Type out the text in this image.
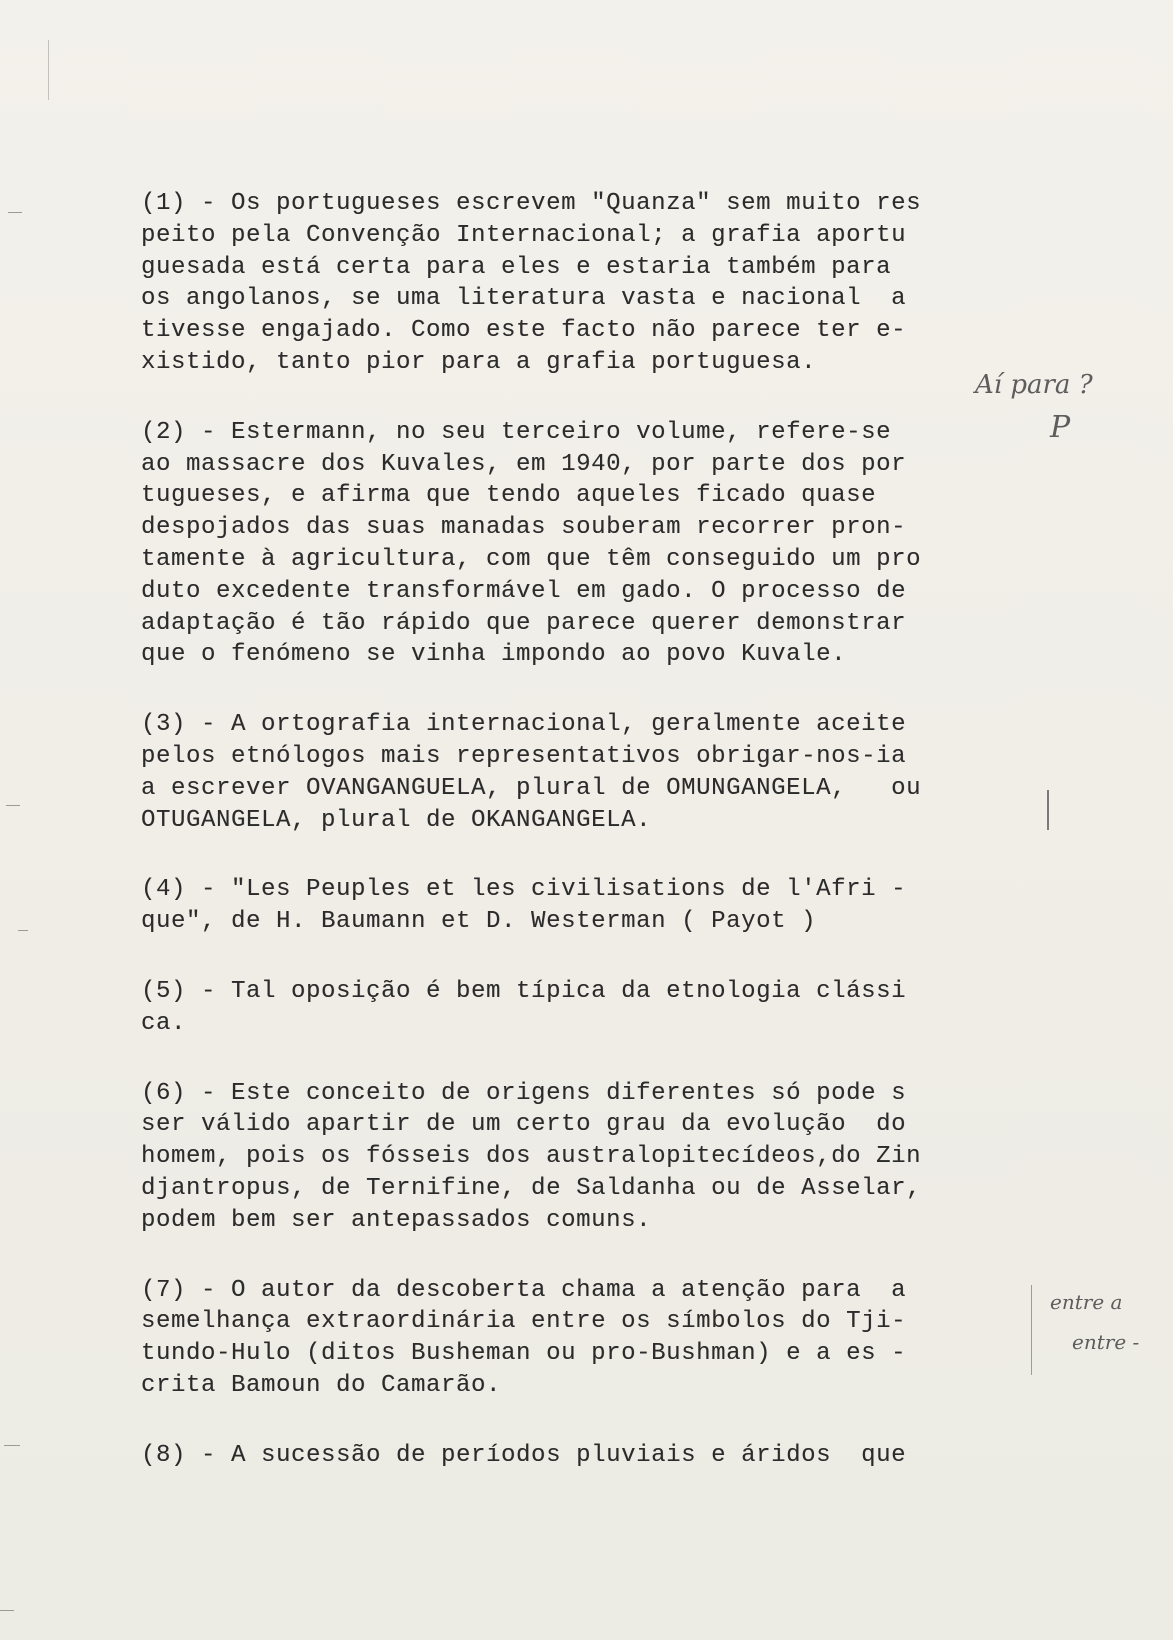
(1) - Os portugueses escrevem "Quanza" sem muito res
peito pela Convenção Internacional; a grafia aportu
guesada está certa para eles e estaria também para
os angolanos, se uma literatura vasta e nacional  a
tivesse engajado. Como este facto não parece ter e-
xistido, tanto pior para a grafia portuguesa.
(2) - Estermann, no seu terceiro volume, refere-se
ao massacre dos Kuvales, em 1940, por parte dos por
tugueses, e afirma que tendo aqueles ficado quase
despojados das suas manadas souberam recorrer pron-
tamente à agricultura, com que têm conseguido um pro
duto excedente transformável em gado. O processo de
adaptação é tão rápido que parece querer demonstrar
que o fenómeno se vinha impondo ao povo Kuvale.
(3) - A ortografia internacional, geralmente aceite
pelos etnólogos mais representativos obrigar-nos-ia
a escrever OVANGANGUELA, plural de OMUNGANGELA,   ou
OTUGANGELA, plural de OKANGANGELA.
(4) - "Les Peuples et les civilisations de l'Afri -
que", de H. Baumann et D. Westerman ( Payot )
(5) - Tal oposição é bem típica da etnologia clássi
ca.
(6) - Este conceito de origens diferentes só pode s
ser válido apartir de um certo grau da evolução  do
homem, pois os fósseis dos australopitecídeos,do Zin
djantropus, de Ternifine, de Saldanha ou de Asselar,
podem bem ser antepassados comuns.
(7) - O autor da descoberta chama a atenção para  a
semelhança extraordinária entre os símbolos do Tji-
tundo-Hulo (ditos Busheman ou pro-Bushman) e a es -
crita Bamoun do Camarão.
(8) - A sucessão de períodos pluviais e áridos  que
Aí para ?
P
entre a
entre -
